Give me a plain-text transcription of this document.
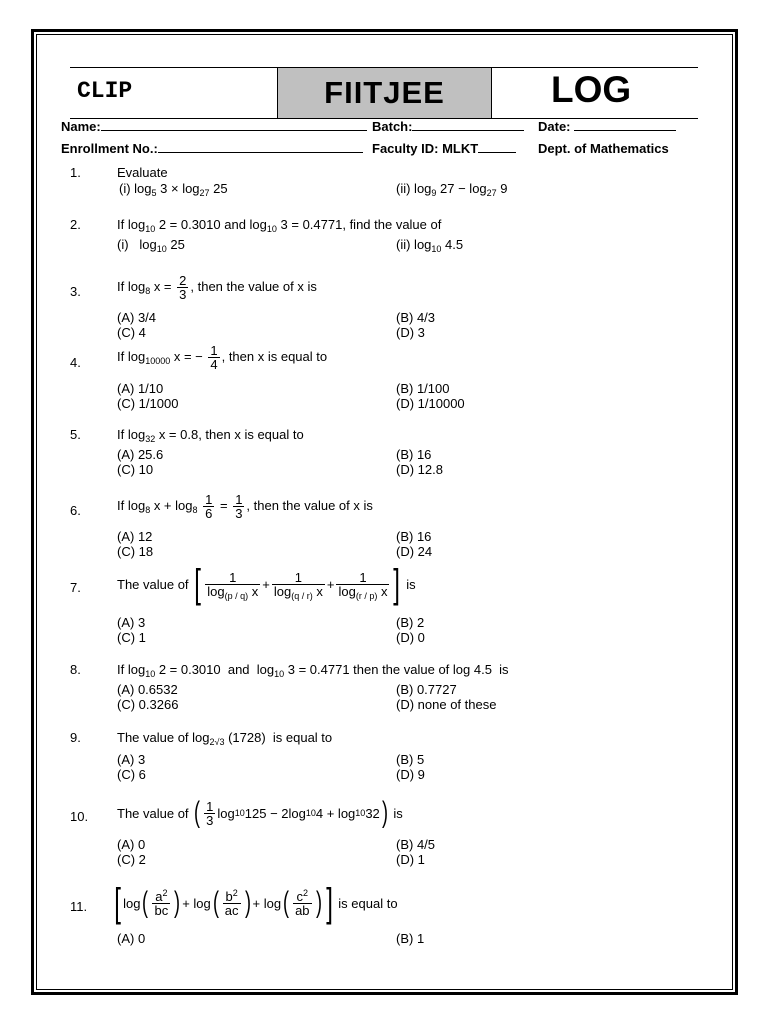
CLIP	FIITJEE	LOG
Name:	Batch:	Date:
Enrollment No.:	Faculty ID: MLKT	Dept. of Mathematics
1.	Evaluate
(i) $\log_5 3 \times \log_{27} 25$	(ii) $\log_9 27 - \log_{27} 9$
2.	If $\log_{10} 2 = 0.3010$ and $\log_{10} 3 = 0.4771$, find the value of
(i)   $\log_{10} 25$	(ii) $\log_{10} 4.5$
3.	If $\log_8 x = \frac{2}{3}$ , then the value of x is
(A) 3/4	(B) 4/3
(C) 4	(D) 3
4.	If $\log_{10000} x$ = − $\frac{1}{4}$ , then x is equal to
(A) 1/10	(B) 1/100
(C) 1/1000	(D) 1/10000
5.	If $\log_{32} x = 0.8$, then x is equal to
(A) 25.6	(B) 16
(C) 10	(D) 12.8
6.	If $\log_8 x + \log_8 \frac{1}{6} = \frac{1}{3}$ , then the value of x is
(A) 12	(B) 16
(C) 18	(D) 24
7.	The value of
[ $\frac{1}{\log_{(p / q)} x} + \frac{1}{\log_{(q / r)} x} + \frac{1}{\log_{(r / p)} x}$ ]
is
(A) 3	(B) 2
(C) 1	(D) 0
8.	If $\log_{10} 2 = 0.3010$  and  $\log_{10} 3 = 0.4771$ then the value of log 4.5  is
(A) 0.6532	(B) 0.7727
(C) 0.3266	(D) none of these
9.	The value of $\log_{2√3} (1728)$  is equal to
(A) 3	(B) 5
(C) 6	(D) 9
10. The value of
( $\frac{1}{3}$ log 10 125 − 2log 10 4 + log 10 32 )
is
(A) 0	(B) 4/5
(C) 2	(D) 1
11. [ log ( $\frac{a^2}{bc}$ ) + log ( $\frac{b^2}{ac}$ ) + log ( $\frac{c^2}{ab}$ ) ]
is equal to
(A) 0	(B) 1
